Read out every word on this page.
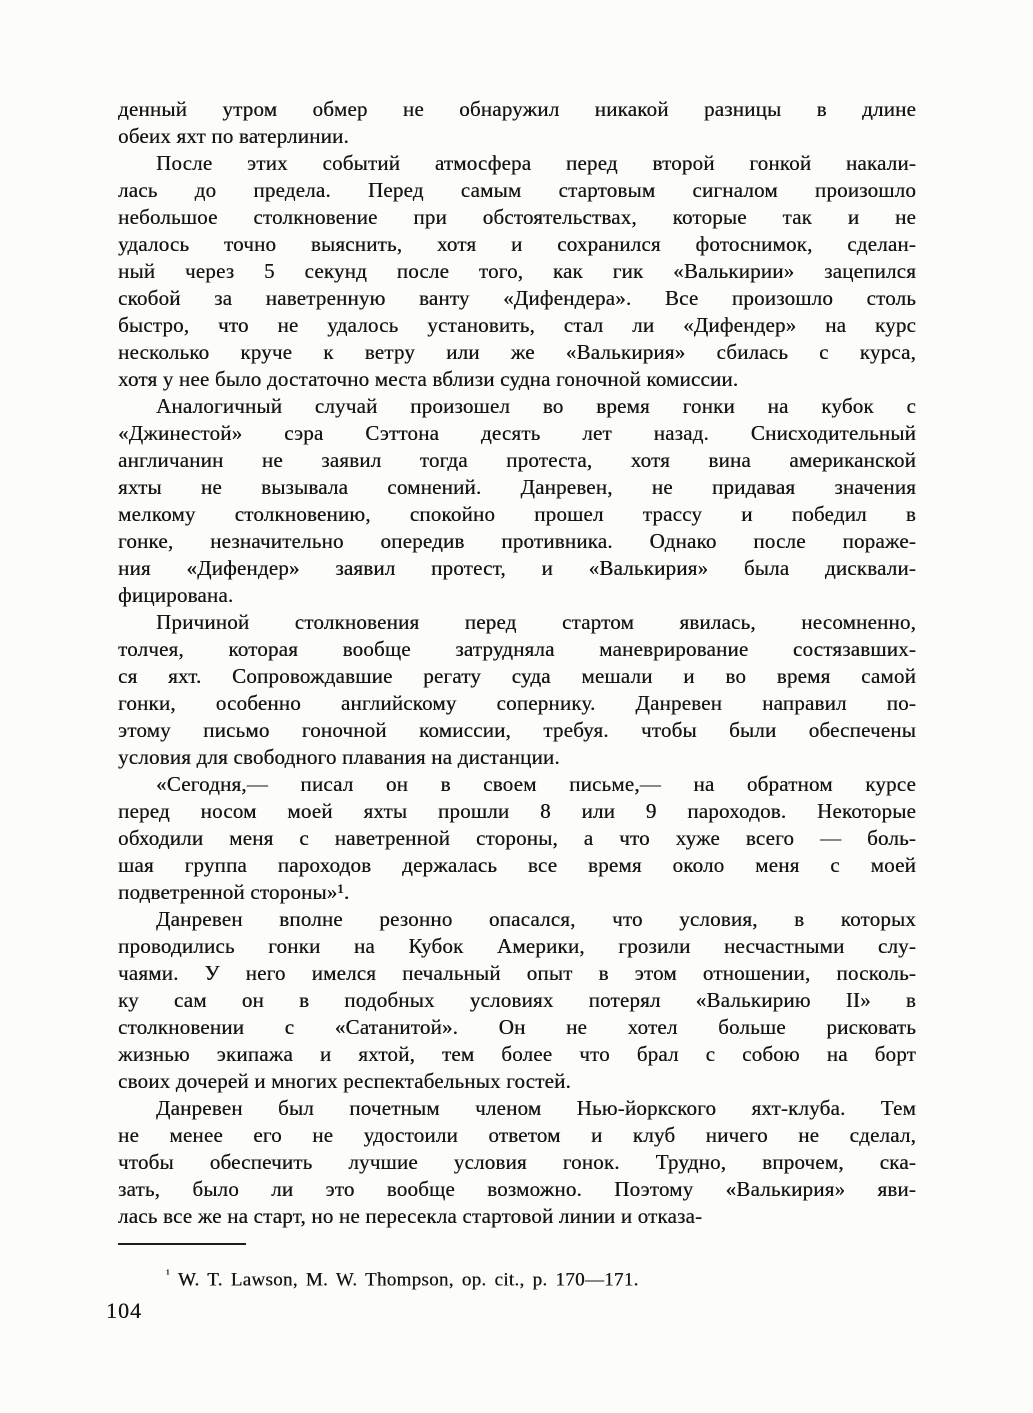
денный утром обмер не обнаружил никакой разницы в длине
обеих яхт по ватерлинии.
После этих событий атмосфера перед второй гонкой накали-
лась до предела. Перед самым стартовым сигналом произошло
небольшое столкновение при обстоятельствах, которые так и не
удалось точно выяснить, хотя и сохранился фотоснимок, сделан-
ный через 5 секунд после того, как гик «Валькирии» зацепился
скобой за наветренную ванту «Дифендера». Все произошло столь
быстро, что не удалось установить, стал ли «Дифендер» на курс
несколько круче к ветру или же «Валькирия» сбилась с курса,
хотя у нее было достаточно места вблизи судна гоночной комиссии.
Аналогичный случай произошел во время гонки на кубок с
«Джинестой» сэра Сэттона десять лет назад. Снисходительный
англичанин не заявил тогда протеста, хотя вина американской
яхты не вызывала сомнений. Данревен, не придавая значения
мелкому столкновению, спокойно прошел трассу и победил в
гонке, незначительно опередив противника. Однако после пораже-
ния «Дифендер» заявил протест, и «Валькирия» была дисквали-
фицирована.
Причиной столкновения перед стартом явилась, несомненно,
толчея, которая вообще затрудняла маневрирование состязавших-
ся яхт. Сопровождавшие регату суда мешали и во время самой
гонки, особенно английскому сопернику. Данревен направил по-
этому письмо гоночной комиссии, требуя. чтобы были обеспечены
условия для свободного плавания на дистанции.
«Сегодня,— писал он в своем письме,— на обратном курсе
перед носом моей яхты прошли 8 или 9 пароходов. Некоторые
обходили меня с наветренной стороны, а что хуже всего — боль-
шая группа пароходов держалась все время около меня с моей
подветренной стороны»¹.
Данревен вполне резонно опасался, что условия, в которых
проводились гонки на Кубок Америки, грозили несчастными слу-
чаями. У него имелся печальный опыт в этом отношении, посколь-
ку сам он в подобных условиях потерял «Валькирию II» в
столкновении с «Сатанитой». Он не хотел больше рисковать
жизнью экипажа и яхтой, тем более что брал с собою на борт
своих дочерей и многих респектабельных гостей.
Данревен был почетным членом Нью-йоркского яхт-клуба. Тем
не менее его не удостоили ответом и клуб ничего не сделал,
чтобы обеспечить лучшие условия гонок. Трудно, впрочем, ска-
зать, было ли это вообще возможно. Поэтому «Валькирия» яви-
лась все же на старт, но не пересекла стартовой линии и отказа-
$^{^1}$ W. T. Lawson, M. W. Thompson, op. cit., p. 170—171.
104
